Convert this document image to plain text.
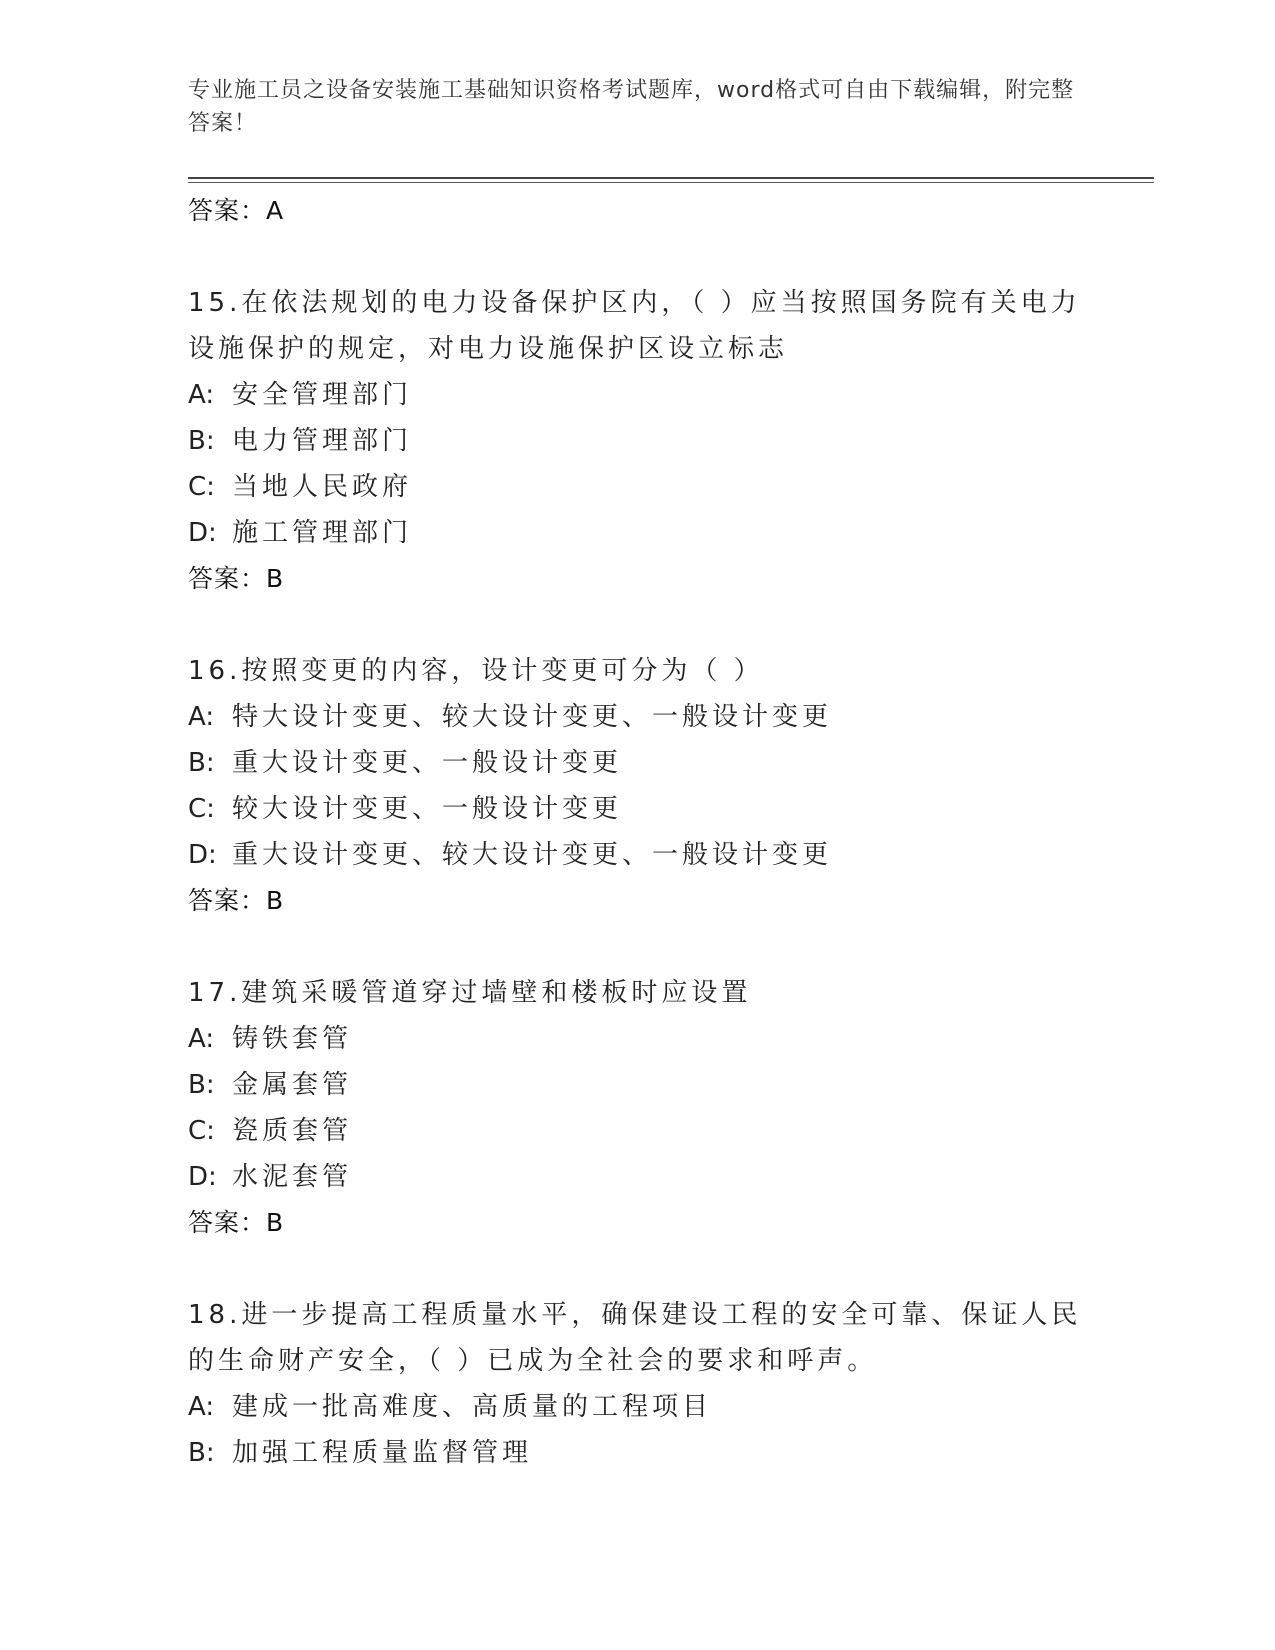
专业施工员之设备安装施工基础知识资格考试题库，word格式可自由下载编辑，附完整答案！
答案：A
15.在依法规划的电力设备保护区内，（ ）应当按照国务院有关电力设施保护的规定，对电力设施保护区设立标志
A: 安全管理部门
B: 电力管理部门
C: 当地人民政府
D: 施工管理部门
答案：B
16.按照变更的内容，设计变更可分为（ ）
A: 特大设计变更、较大设计变更、一般设计变更
B: 重大设计变更、一般设计变更
C: 较大设计变更、一般设计变更
D: 重大设计变更、较大设计变更、一般设计变更
答案：B
17.建筑采暖管道穿过墙壁和楼板时应设置
A: 铸铁套管
B: 金属套管
C: 瓷质套管
D: 水泥套管
答案：B
18.进一步提高工程质量水平，确保建设工程的安全可靠、保证人民的生命财产安全，（ ）已成为全社会的要求和呼声。
A: 建成一批高难度、高质量的工程项目
B: 加强工程质量监督管理
